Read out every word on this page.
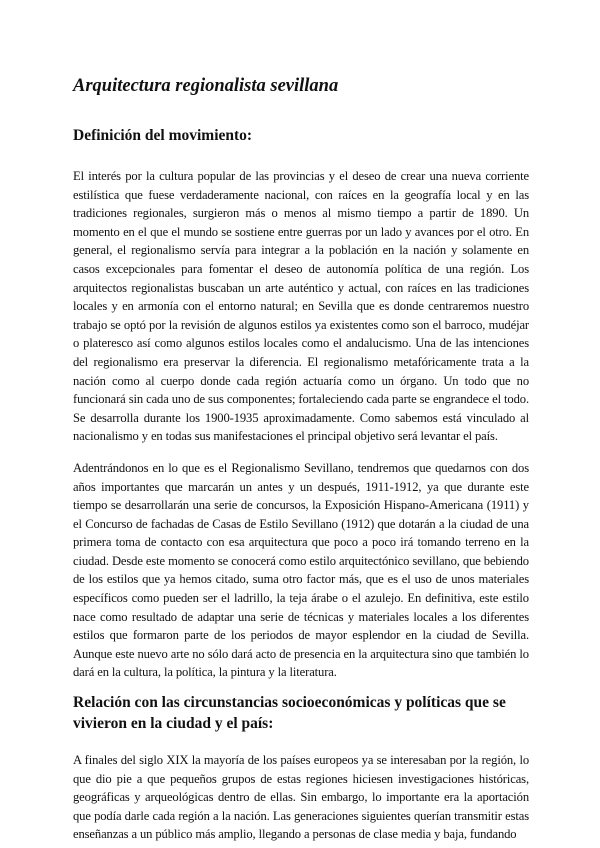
Arquitectura regionalista sevillana
Definición del movimiento:

El interés por la cultura popular de las provincias y el deseo de crear una nueva corriente estilística que fuese verdaderamente nacional, con raíces en la geografía local y en las tradiciones regionales, surgieron más o menos al mismo tiempo a partir de 1890. Un momento en el que el mundo se sostiene entre guerras por un lado y avances por el otro. En general, el regionalismo servía para integrar a la población en la nación y solamente en casos excepcionales para fomentar el deseo de autonomía política de una región. Los arquitectos regionalistas buscaban un arte auténtico y actual, con raíces en las tradiciones locales y en armonía con el entorno natural; en Sevilla que es donde centraremos nuestro trabajo se optó por la revisión de algunos estilos ya existentes como son el barroco, mudéjar o plateresco así como algunos estilos locales como el andalucismo. Una de las intenciones del regionalismo era preservar la diferencia. El regionalismo metafóricamente trata a la nación como al cuerpo donde cada región actuaría como un órgano. Un todo que no funcionará sin cada uno de sus componentes; fortaleciendo cada parte se engrandece el todo. Se desarrolla durante los 1900-1935 aproximadamente. Como sabemos está vinculado al nacionalismo y en todas sus manifestaciones el principal objetivo será levantar el país.

Adentrándonos en lo que es el Regionalismo Sevillano, tendremos que quedarnos con dos años importantes que marcarán un antes y un después, 1911-1912, ya que durante este tiempo se desarrollarán una serie de concursos, la Exposición Hispano-Americana (1911) y el Concurso de fachadas de Casas de Estilo Sevillano (1912) que dotarán a la ciudad de una primera toma de contacto con esa arquitectura que poco a poco irá tomando terreno en la ciudad. Desde este momento se conocerá como estilo arquitectónico sevillano, que bebiendo de los estilos que ya hemos citado, suma otro factor más, que es el uso de unos materiales específicos como pueden ser el ladrillo, la teja árabe o el azulejo. En definitiva, este estilo nace como resultado de adaptar una serie de técnicas y materiales locales a los diferentes estilos que formaron parte de los periodos de mayor esplendor en la ciudad de Sevilla. Aunque este nuevo arte no sólo dará acto de presencia en la arquitectura sino que también lo dará en la cultura, la política, la pintura y la literatura.

Relación con las circunstancias socioeconómicas y políticas que se vivieron en la ciudad y el país:

A finales del siglo XIX la mayoría de los países europeos ya se interesaban por la región, lo que dio pie a que pequeños grupos de estas regiones hiciesen investigaciones históricas, geográficas y arqueológicas dentro de ellas. Sin embargo, lo importante era la aportación que podía darle cada región a la nación. Las generaciones siguientes querían transmitir estas enseñanzas a un público más amplio, llegando a personas de clase media y baja, fundando
